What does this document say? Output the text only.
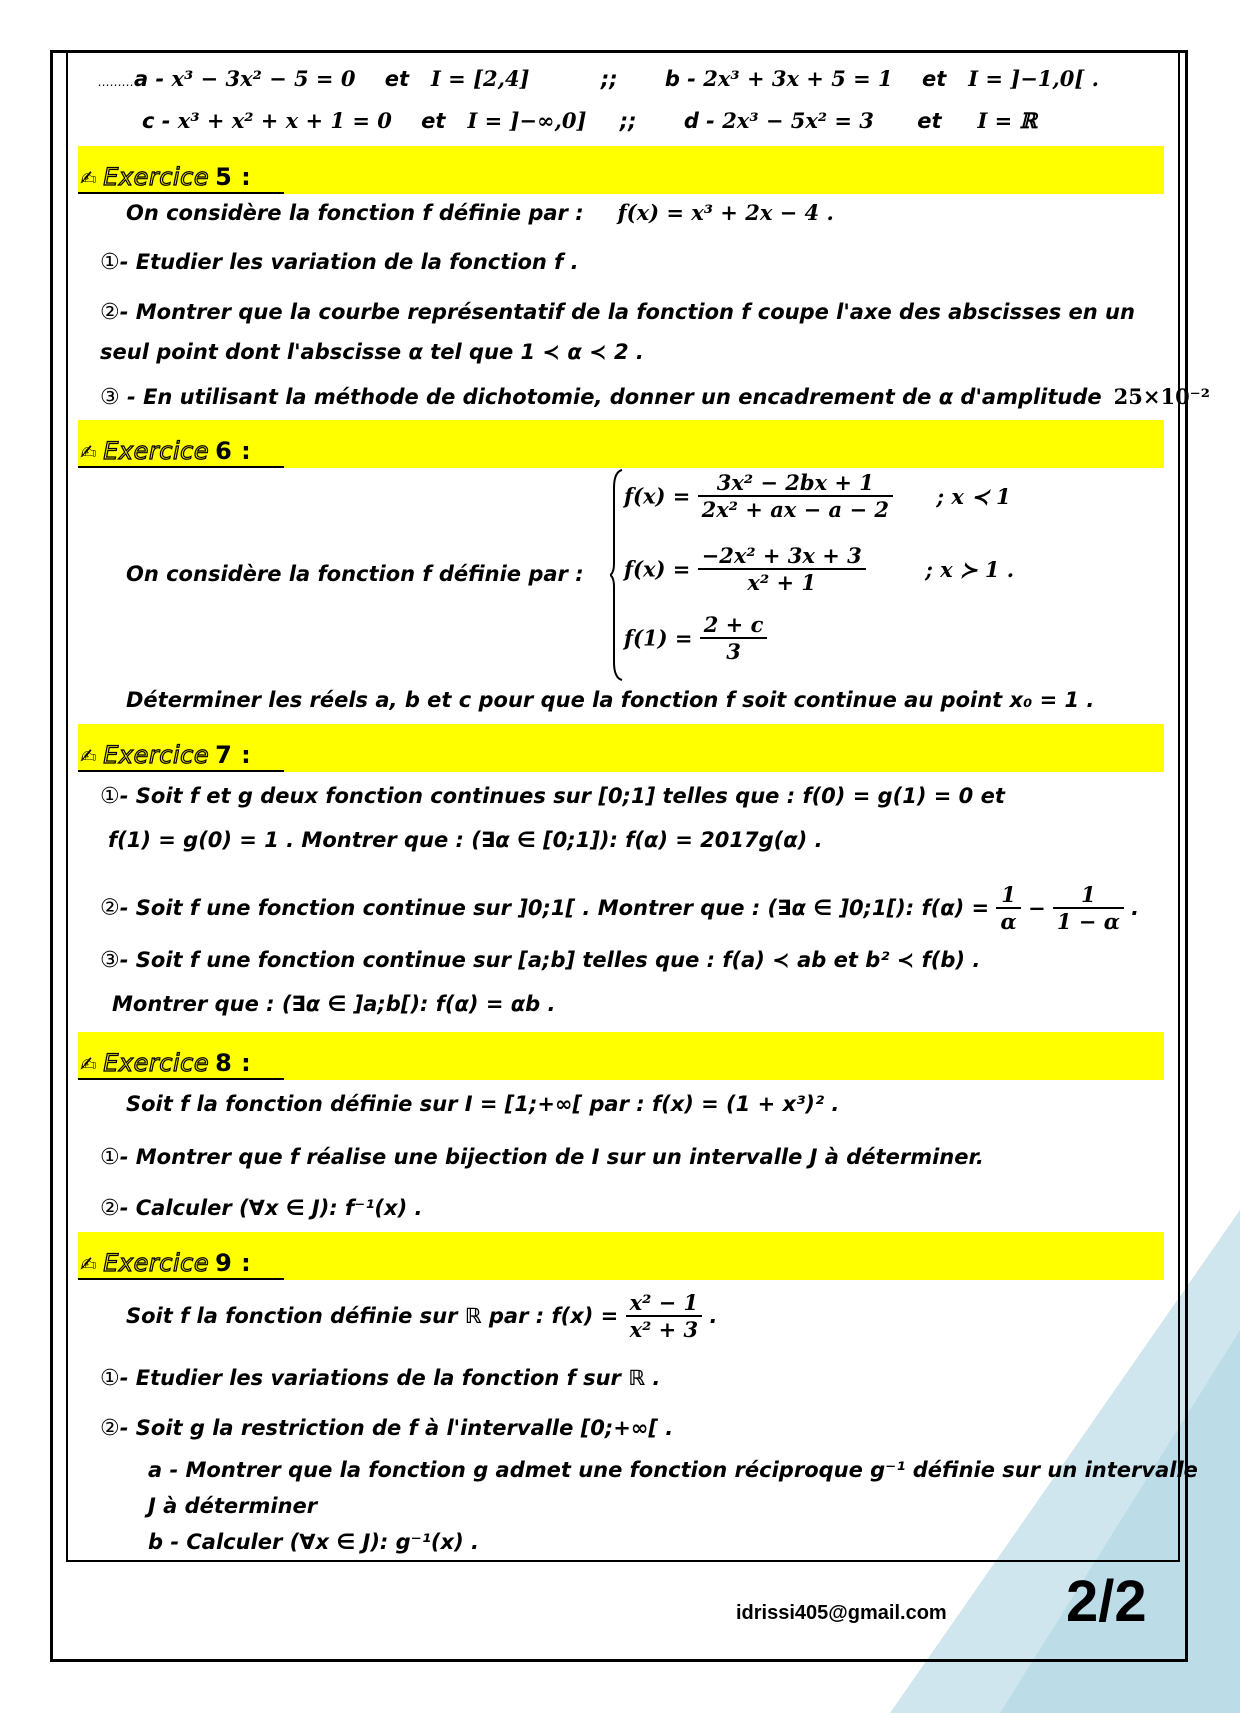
………a - x³ − 3x² − 5 = 0 et I = [2,4]	;; b - 2x³ + 3x + 5 = 1 et I = ]−1,0[ .
c - x³ + x² + x + 1 = 0 et I = ]−∞,0] ;; d - 2x³ − 5x² = 3 et I = ℝ
✍ Exercice 5 :
On considère la fonction f définie par : f(x) = x³ + 2x − 4 .
①- Etudier les variation de la fonction f .
②- Montrer que la courbe représentatif de la fonction f coupe l'axe des abscisses en un
seul point dont l'abscisse α tel que 1 ≺ α ≺ 2 .
③ - En utilisant la méthode de dichotomie, donner un encadrement de α d'amplitude 25×10⁻²
✍ Exercice 6 :
On considère la fonction f définie par :
$f(x) = \frac{\text{3x² − 2bx + 1}}{\text{2x² + ax − a − 2}}$ ; x ≺ 1
$f(x) = \frac{\text{−2x² + 3x + 3}}{\text{x² + 1}}$	; x ≻ 1 .
$f(1) = \frac{2 + c}{3}$
Déterminer les réels a, b et c pour que la fonction f soit continue au point x₀ = 1 .
✍ Exercice 7 :
①- Soit f et g deux fonction continues sur [0;1] telles que : f(0) = g(1) = 0 et
f(1) = g(0) = 1 . Montrer que : (∃α ∈ [0;1]): f(α) = 2017g(α) .
②- Soit f une fonction continue sur ]0;1[ . Montrer que : (∃α ∈ ]0;1[): $f(\alpha) = \frac{1}{\alpha} - \frac{1}{1 - \alpha}$ .
③- Soit f une fonction continue sur [a;b] telles que : f(a) ≺ ab et b² ≺ f(b) .
Montrer que : (∃α ∈ ]a;b[): f(α) = αb .
✍ Exercice 8 :
Soit f la fonction définie sur I = [1;+∞[ par : f(x) = (1 + x³)² .
①- Montrer que f réalise une bijection de I sur un intervalle J à déterminer.
②- Calculer (∀x ∈ J): f⁻¹(x) .
✍ Exercice 9 :
Soit f la fonction définie sur ℝ par : $f(x) = \frac{\text{x² − 1}}{\text{x² + 3}}$ .
①- Etudier les variations de la fonction f sur ℝ .
②- Soit g la restriction de f à l'intervalle [0;+∞[ .
a - Montrer que la fonction g admet une fonction réciproque g⁻¹ définie sur un intervalle
J à déterminer
b - Calculer (∀x ∈ J): g⁻¹(x) .
idrissi405@gmail.com 2/2
